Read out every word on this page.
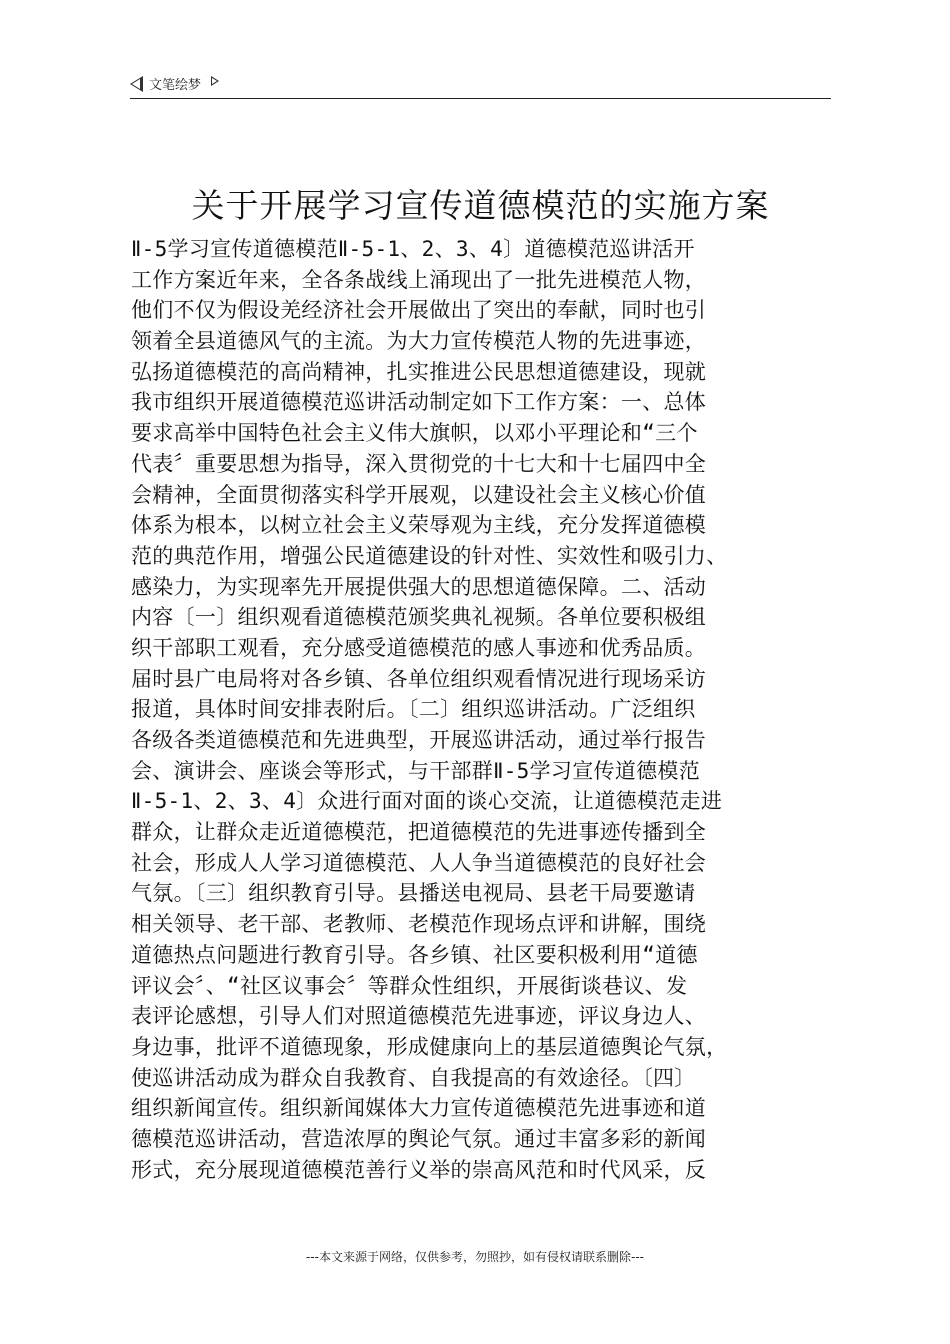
文笔绘梦
关于开展学习宣传道德模范的实施方案
Ⅱ-5学习宣传道德模范Ⅱ-5-1、2、3、4〕道德模范巡讲活开
工作方案近年来，全各条战线上涌现出了一批先进模范人物，
他们不仅为假设羌经济社会开展做出了突出的奉献，同时也引
领着全县道德风气的主流。为大力宣传模范人物的先进事迹，
弘扬道德模范的高尚精神，扎实推进公民思想道德建设，现就
我市组织开展道德模范巡讲活动制定如下工作方案：一、总体
要求高举中国特色社会主义伟大旗帜，以邓小平理论和“三个
代表〞重要思想为指导，深入贯彻党的十七大和十七届四中全
会精神，全面贯彻落实科学开展观，以建设社会主义核心价值
体系为根本，以树立社会主义荣辱观为主线，充分发挥道德模
范的典范作用，增强公民道德建设的针对性、实效性和吸引力、
感染力，为实现率先开展提供强大的思想道德保障。二、活动
内容〔一〕组织观看道德模范颁奖典礼视频。各单位要积极组
织干部职工观看，充分感受道德模范的感人事迹和优秀品质。
届时县广电局将对各乡镇、各单位组织观看情况进行现场采访
报道，具体时间安排表附后。〔二〕组织巡讲活动。广泛组织
各级各类道德模范和先进典型，开展巡讲活动，通过举行报告
会、演讲会、座谈会等形式，与干部群Ⅱ-5学习宣传道德模范
Ⅱ-5-1、2、3、4〕众进行面对面的谈心交流，让道德模范走进
群众，让群众走近道德模范，把道德模范的先进事迹传播到全
社会，形成人人学习道德模范、人人争当道德模范的良好社会
气氛。〔三〕组织教育引导。县播送电视局、县老干局要邀请
相关领导、老干部、老教师、老模范作现场点评和讲解，围绕
道德热点问题进行教育引导。各乡镇、社区要积极利用“道德
评议会〞、“社区议事会〞等群众性组织，开展街谈巷议、发
表评论感想，引导人们对照道德模范先进事迹，评议身边人、
身边事，批评不道德现象，形成健康向上的基层道德舆论气氛，
使巡讲活动成为群众自我教育、自我提高的有效途径。〔四〕
组织新闻宣传。组织新闻媒体大力宣传道德模范先进事迹和道
德模范巡讲活动，营造浓厚的舆论气氛。通过丰富多彩的新闻
形式，充分展现道德模范善行义举的崇高风范和时代风采，反
---本文来源于网络，仅供参考，勿照抄，如有侵权请联系删除---
